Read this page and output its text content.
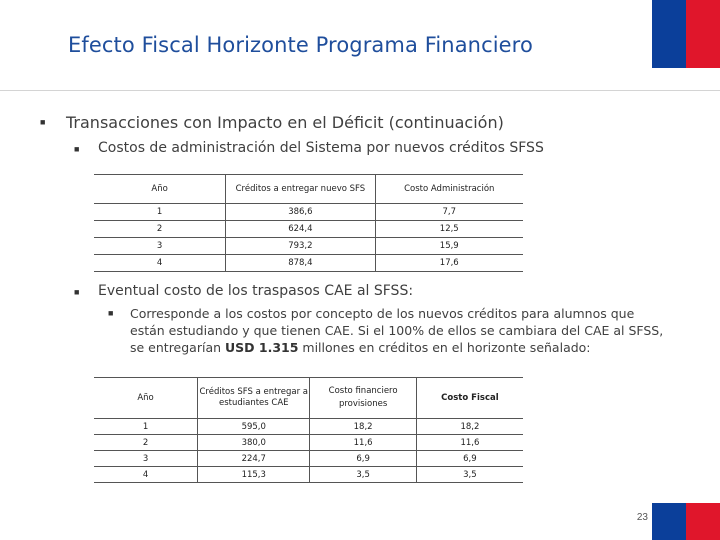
Efecto Fiscal Horizonte Programa Financiero
■ Transacciones con Impacto en el Déficit (continuación)
■ Costos de administración del Sistema por nuevos créditos SFSS
Año	Créditos a entregar nuevo SFS	Costo Administración
1	386,6	7,7
2	624,4	12,5
3	793,2	15,9
4	878,4	17,6
■ Eventual costo de los traspasos CAE al SFSS:
■ Corresponde a los costos por concepto de los nuevos créditos para alumnos que están estudiando y que tienen CAE. Si el 100% de ellos se cambiara del CAE al SFSS, se entregarían USD 1.315 millones en créditos en el horizonte señalado:
Año	Créditos SFS a entregar a estudiantes CAE	Costo financiero provisiones	Costo Fiscal
1	595,0	18,2	18,2
2	380,0	11,6	11,6
3	224,7	6,9	6,9
4	115,3	3,5	3,5
23
